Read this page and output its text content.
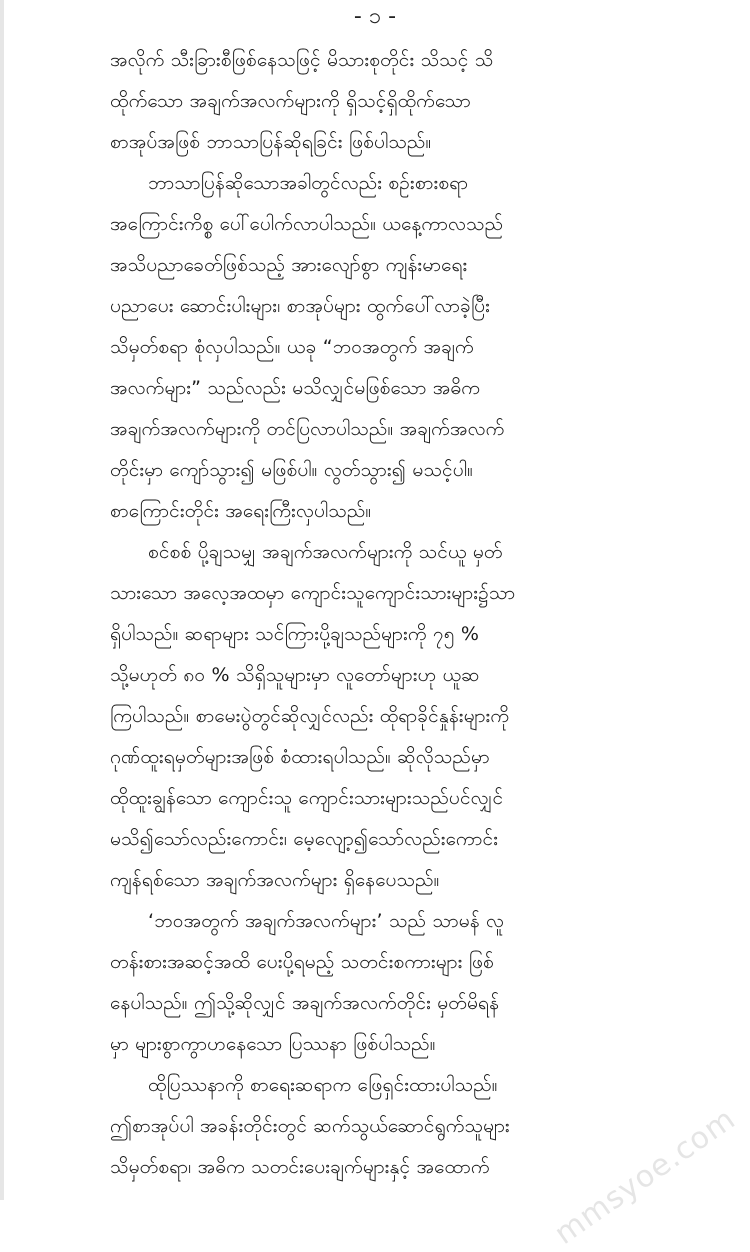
- ၁ -
အလိုက် သီးခြားစီဖြစ်နေသဖြင့် မိသားစုတိုင်း သိသင့် သိ
ထိုက်သော အချက်အလက်များကို ရှိသင့်ရှိထိုက်သော
စာအုပ်အဖြစ် ဘာသာပြန်ဆိုရခြင်း ဖြစ်ပါသည်။
ဘာသာပြန်ဆိုသောအခါတွင်လည်း စဉ်းစားစရာ
အကြောင်းကိစ္စ ပေါ်ပေါက်လာပါသည်။ ယနေ့ကာလသည်
အသိပညာခေတ်ဖြစ်သည့် အားလျော်စွာ ကျန်းမာရေး
ပညာပေး ဆောင်းပါးများ၊ စာအုပ်များ ထွက်ပေါ်လာခဲ့ပြီး
သိမှတ်စရာ စုံလှပါသည်။ ယခု “ဘ၀အတွက် အချက်
အလက်များ” သည်လည်း မသိလျှင်မဖြစ်သော အဓိက
အချက်အလက်များကို တင်ပြလာပါသည်။ အချက်အလက်
တိုင်းမှာ ကျော်သွား၍ မဖြစ်ပါ။ လွတ်သွား၍ မသင့်ပါ။
စာကြောင်းတိုင်း အရေးကြီးလှပါသည်။
စင်စစ် ပို့ချသမျှ အချက်အလက်များကို သင်ယူ မှတ်
သားသော အလေ့အထမှာ ကျောင်းသူကျောင်းသားများ၌သာ
ရှိပါသည်။ ဆရာများ သင်ကြားပို့ချသည်များကို ၇၅ %
သို့မဟုတ် ၈၀ % သိရှိသူများမှာ လူတော်များဟု ယူဆ
ကြပါသည်။ စာမေးပွဲတွင်ဆိုလျှင်လည်း ထိုရာခိုင်နှုန်းများကို
ဂုဏ်ထူးရမှတ်များအဖြစ် စံထားရပါသည်။ ဆိုလိုသည်မှာ
ထိုထူးချွန်သော ကျောင်းသူ ကျောင်းသားများသည်ပင်လျှင်
မသိ၍သော်လည်းကောင်း၊ မေ့လျော့၍သော်လည်းကောင်း
ကျန်ရစ်သော အချက်အလက်များ ရှိနေပေသည်။
‘ဘ၀အတွက် အချက်အလက်များ’ သည် သာမန် လူ
တန်းစားအဆင့်အထိ ပေးပို့ရမည့် သတင်းစကားများ ဖြစ်
နေပါသည်။ ဤသို့ဆိုလျှင် အချက်အလက်တိုင်း မှတ်မိရန်
မှာ များစွာကွာဟနေသော ပြဿနာ ဖြစ်ပါသည်။
ထိုပြဿနာကို စာရေးဆရာက ဖြေရှင်းထားပါသည်။
ဤစာအုပ်ပါ အခန်းတိုင်းတွင် ဆက်သွယ်ဆောင်ရွက်သူများ
သိမှတ်စရာ၊ အဓိက သတင်းပေးချက်များနှင့် အထောက်	mmsyoe.com
